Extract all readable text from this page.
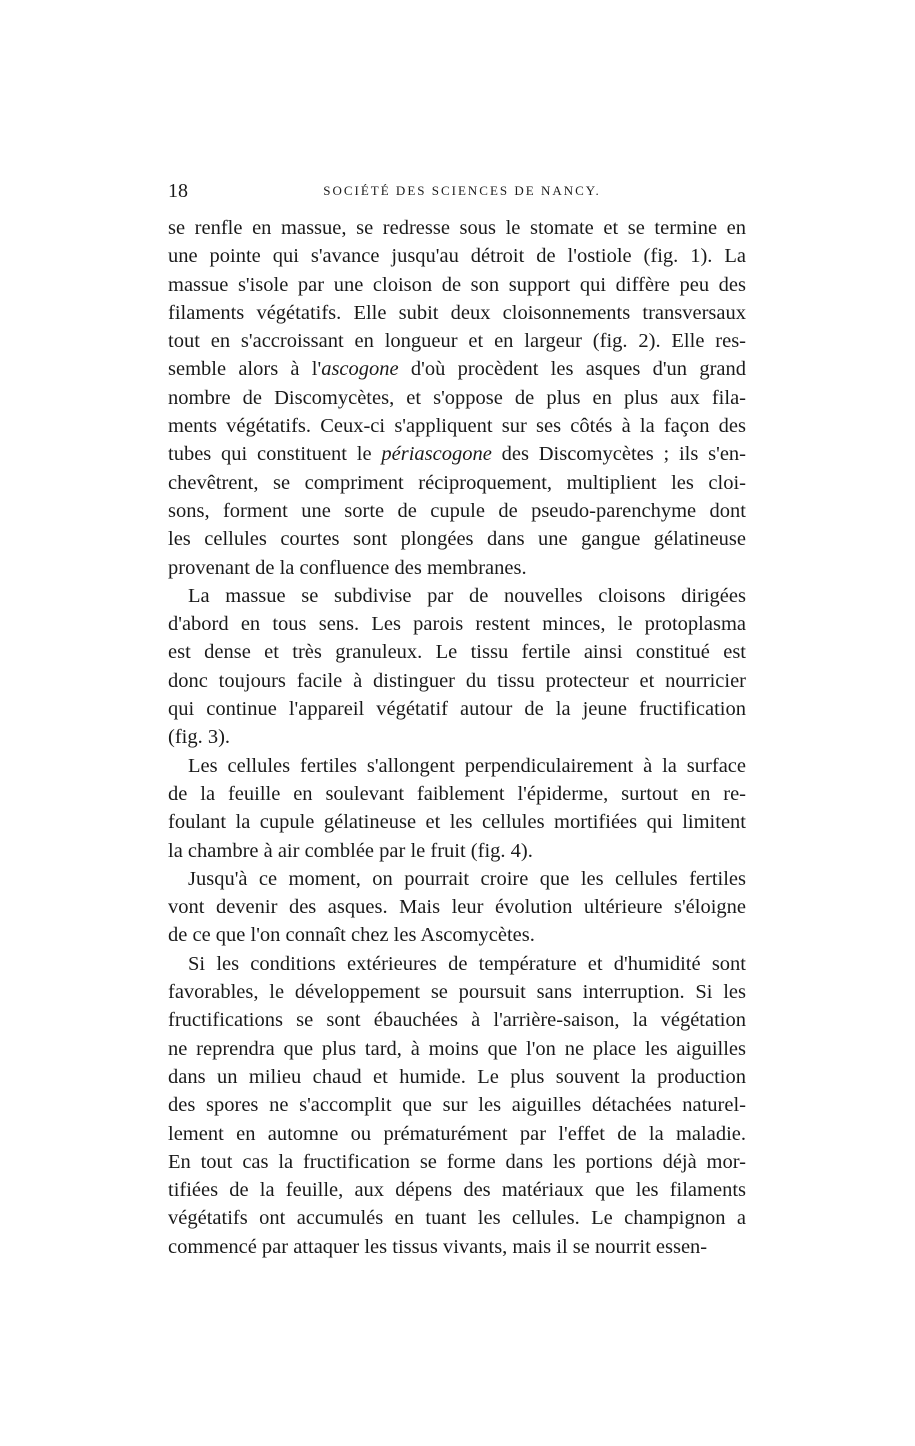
18	SOCIÉTÉ DES SCIENCES DE NANCY.
se renfle en massue, se redresse sous le stomate et se termine en
une pointe qui s'avance jusqu'au détroit de l'ostiole (fig. 1). La
massue s'isole par une cloison de son support qui diffère peu des
filaments végétatifs. Elle subit deux cloisonnements transversaux
tout en s'accroissant en longueur et en largeur (fig. 2). Elle res-
semble alors à l'ascogone d'où procèdent les asques d'un grand
nombre de Discomycètes, et s'oppose de plus en plus aux fila-
ments végétatifs. Ceux-ci s'appliquent sur ses côtés à la façon des
tubes qui constituent le périascogone des Discomycètes ; ils s'en-
chevêtrent, se compriment réciproquement, multiplient les cloi-
sons, forment une sorte de cupule de pseudo-parenchyme dont
les cellules courtes sont plongées dans une gangue gélatineuse
provenant de la confluence des membranes.
La massue se subdivise par de nouvelles cloisons dirigées
d'abord en tous sens. Les parois restent minces, le protoplasma
est dense et très granuleux. Le tissu fertile ainsi constitué est
donc toujours facile à distinguer du tissu protecteur et nourricier
qui continue l'appareil végétatif autour de la jeune fructification
(fig. 3).
Les cellules fertiles s'allongent perpendiculairement à la surface
de la feuille en soulevant faiblement l'épiderme, surtout en re-
foulant la cupule gélatineuse et les cellules mortifiées qui limitent
la chambre à air comblée par le fruit (fig. 4).
Jusqu'à ce moment, on pourrait croire que les cellules fertiles
vont devenir des asques. Mais leur évolution ultérieure s'éloigne
de ce que l'on connaît chez les Ascomycètes.
Si les conditions extérieures de température et d'humidité sont
favorables, le développement se poursuit sans interruption. Si les
fructifications se sont ébauchées à l'arrière-saison, la végétation
ne reprendra que plus tard, à moins que l'on ne place les aiguilles
dans un milieu chaud et humide. Le plus souvent la production
des spores ne s'accomplit que sur les aiguilles détachées naturel-
lement en automne ou prématurément par l'effet de la maladie.
En tout cas la fructification se forme dans les portions déjà mor-
tifiées de la feuille, aux dépens des matériaux que les filaments
végétatifs ont accumulés en tuant les cellules. Le champignon a
commencé par attaquer les tissus vivants, mais il se nourrit essen-
